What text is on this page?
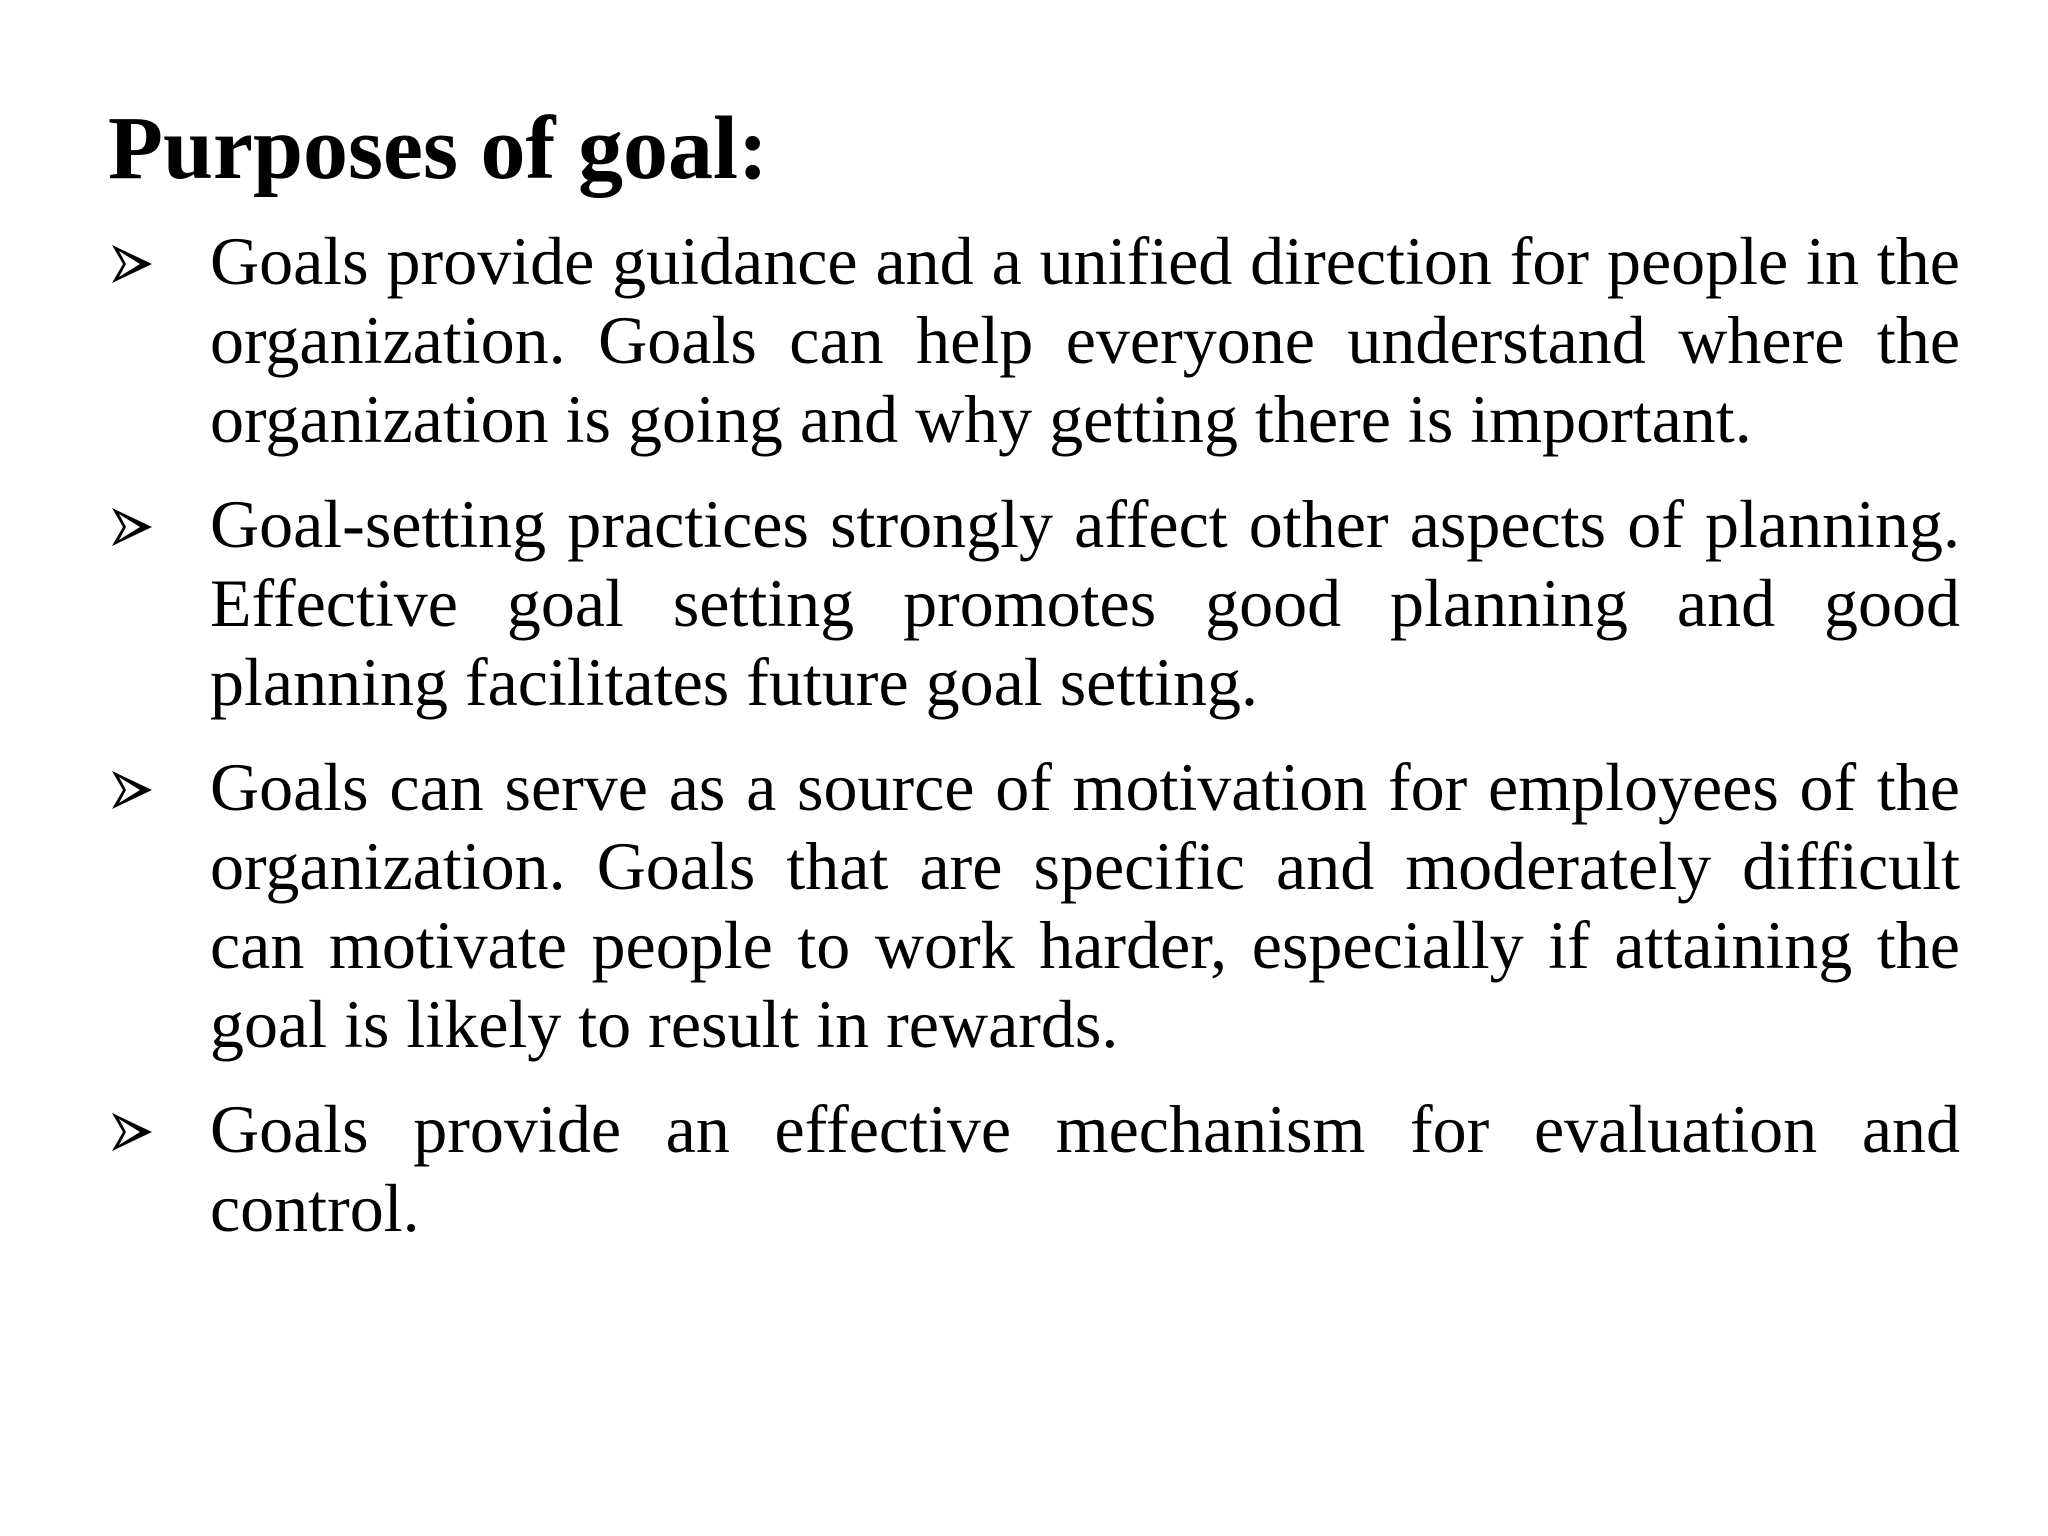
Purposes of goal:
Goals provide guidance and a unified direction for people in the organization. Goals can help everyone understand where the organization is going and why getting there is important.
Goal-setting practices strongly affect other aspects of planning. Effective goal setting promotes good planning and good planning facilitates future goal setting.
Goals can serve as a source of motivation for employees of the organization. Goals that are specific and moderately difficult can motivate people to work harder, especially if attaining the goal is likely to result in rewards.
Goals provide an effective mechanism for evaluation and control.
